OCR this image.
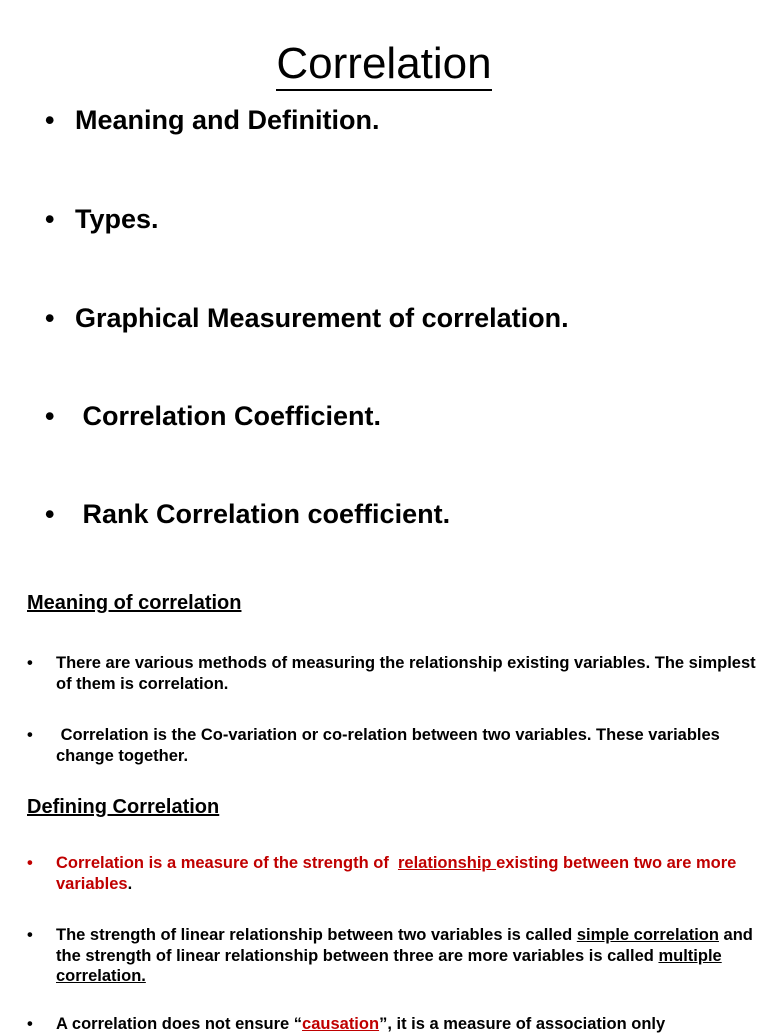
Correlation
• Meaning and Definition.
• Types.
• Graphical Measurement of correlation.
• Correlation Coefficient.
• Rank Correlation coefficient.
Meaning of correlation
•	There are various methods of measuring the relationship existing variables. The simplest of them is correlation.
•	Correlation is the Co-variation or co-relation between two variables. These variables change together.
Defining Correlation
•	Correlation is a measure of the strength of  relationship existing between two are more  variables.
•	The strength of linear relationship between two variables is called simple correlation and the strength of linear relationship between three are more variables is called multiple correlation.
•	A correlation does not ensure “causation”, it is a measure of association only
